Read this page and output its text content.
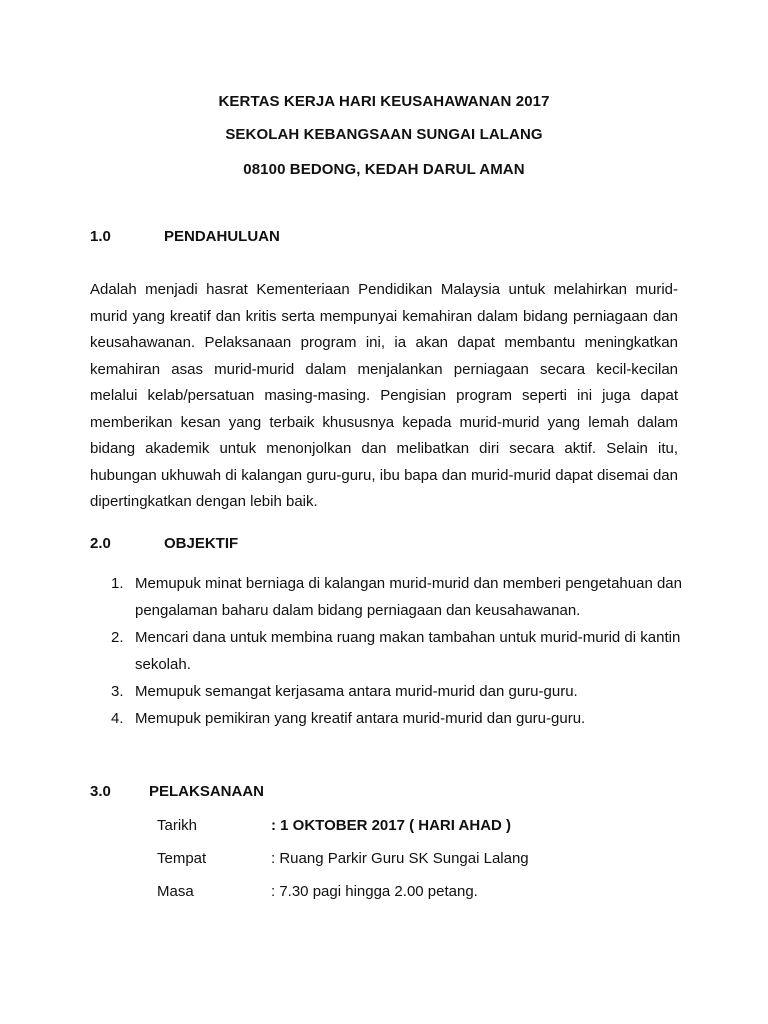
KERTAS KERJA HARI KEUSAHAWANAN 2017
SEKOLAH KEBANGSAAN SUNGAI LALANG
08100 BEDONG, KEDAH DARUL AMAN
1.0	PENDAHULUAN

Adalah menjadi hasrat Kementeriaan Pendidikan Malaysia untuk melahirkan murid-murid yang kreatif dan kritis serta mempunyai kemahiran dalam bidang perniagaan dan keusahawanan. Pelaksanaan program ini, ia akan dapat membantu meningkatkan kemahiran asas murid-murid dalam menjalankan perniagaan secara kecil-kecilan melalui kelab/persatuan masing-masing. Pengisian program seperti ini juga dapat memberikan kesan yang terbaik khususnya kepada murid-murid yang lemah dalam bidang akademik untuk menonjolkan dan melibatkan diri secara aktif. Selain itu, hubungan ukhuwah di kalangan guru-guru, ibu bapa dan murid-murid dapat disemai dan dipertingkatkan dengan lebih baik.

2.0	OBJEKTIF
1. Memupuk minat berniaga di kalangan murid-murid dan memberi pengetahuan dan pengalaman baharu dalam bidang perniagaan dan keusahawanan.
2. Mencari dana untuk membina ruang makan tambahan untuk murid-murid di kantin sekolah.
3. Memupuk semangat kerjasama antara murid-murid dan guru-guru.
4. Memupuk pemikiran yang kreatif antara murid-murid dan guru-guru.
3.0	PELAKSANAAN
Tarikh	: 1 OKTOBER 2017 ( HARI AHAD )
Tempat	: Ruang Parkir Guru SK Sungai Lalang
Masa	: 7.30 pagi hingga 2.00 petang.
